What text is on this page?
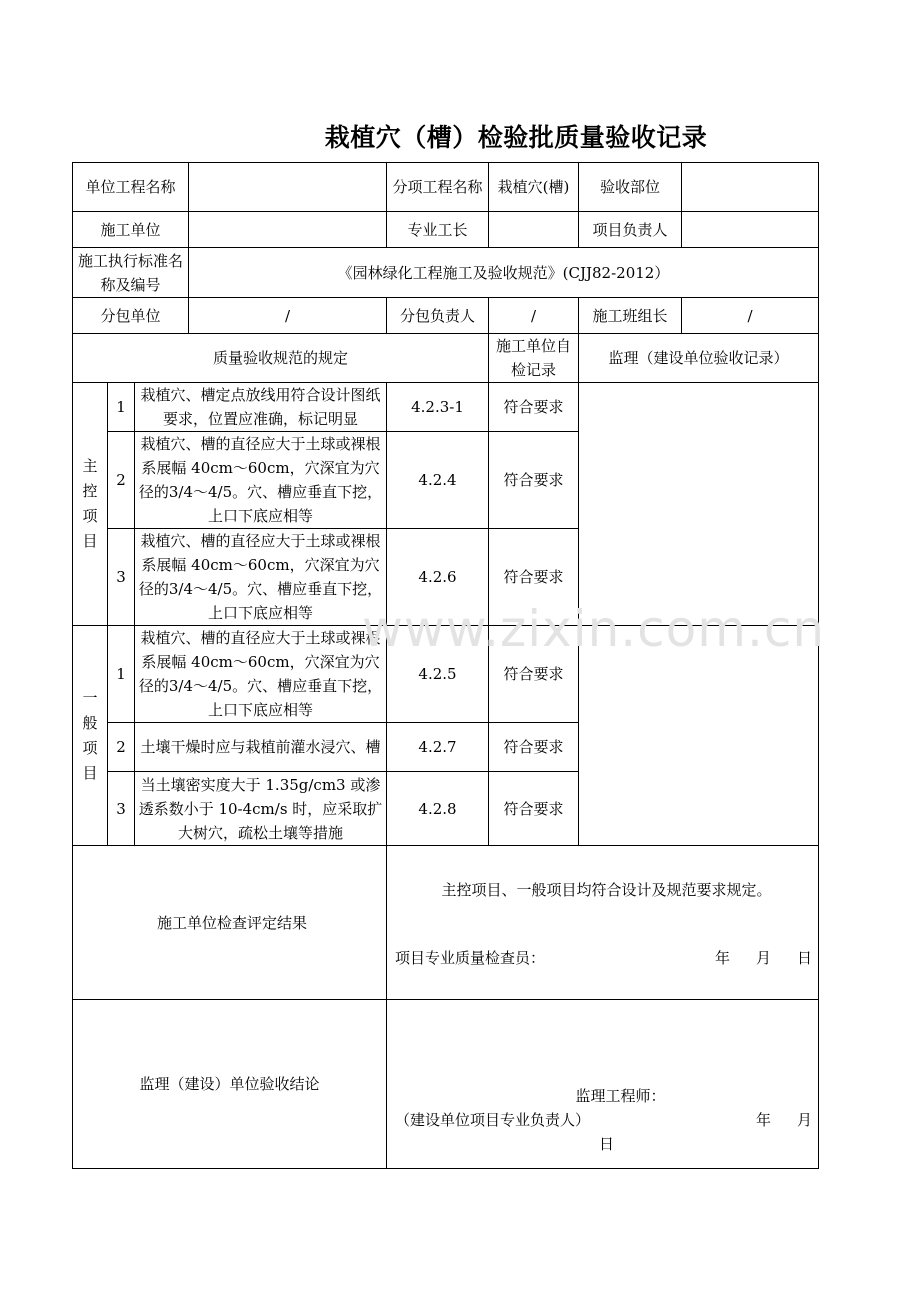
栽植穴（槽）检验批质量验收记录
www.zixin.com.cn
单位工程名称				分项工程名称	栽植穴(槽)	验收部位	
施工单位				专业工长		项目负责人	
施工执行标准名称及编号			《园林绿化工程施工及验收规范》(CJJ82-2012）				
分包单位			/	分包负责人	/	施工班组长	/
质量验收规范的规定					施工单位自检记录	监理（建设单位验收记录）	

主控项目	1	栽植穴、槽定点放线用符合设计图纸要求，位置应准确，标记明显		4.2.3-1	符合要求		
	2	栽植穴、槽的直径应大于土球或裸根系展幅 40cm～60cm，穴深宜为穴径的3/4～4/5。穴、槽应垂直下挖，上口下底应相等		4.2.4	符合要求		
	3	栽植穴、槽的直径应大于土球或裸根系展幅 40cm～60cm，穴深宜为穴径的3/4～4/5。穴、槽应垂直下挖，上口下底应相等		4.2.6	符合要求		

一般项目	1	栽植穴、槽的直径应大于土球或裸根系展幅 40cm～60cm，穴深宜为穴径的3/4～4/5。穴、槽应垂直下挖，上口下底应相等		4.2.5	符合要求		
	2	土壤干燥时应与栽植前灌水浸穴、槽		4.2.7	符合要求		
	3	当土壤密实度大于 1.35g/cm3 或渗透系数小于 10-4cm/s 时，应采取扩大树穴，疏松土壤等措施		4.2.8	符合要求		
施工单位检查评定结果				主控项目、一般项目均符合设计及规范要求规定。
项目专业质量检查员： 年 月 日			

监理（建设）单位验收结论				监理工程师：
（建设单位项目专业负责人） 年 月
日			
